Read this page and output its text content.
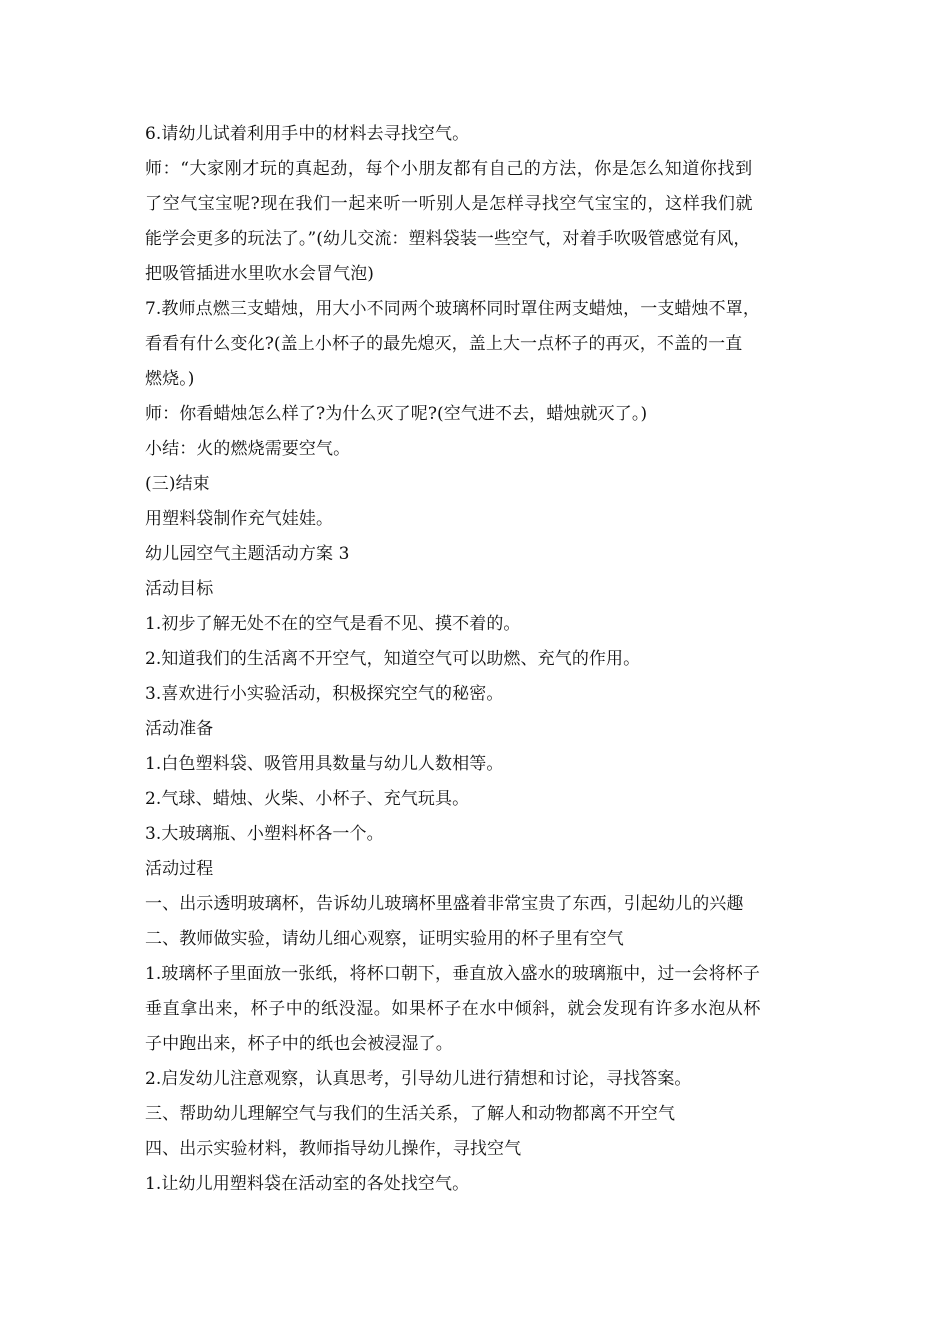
6.请幼儿试着利用手中的材料去寻找空气。
师：“大家刚才玩的真起劲，每个小朋友都有自己的方法，你是怎么知道你找到
了空气宝宝呢?现在我们一起来听一听别人是怎样寻找空气宝宝的，这样我们就
能学会更多的玩法了。”(幼儿交流：塑料袋装一些空气，对着手吹吸管感觉有风，
把吸管插进水里吹水会冒气泡)
7.教师点燃三支蜡烛，用大小不同两个玻璃杯同时罩住两支蜡烛，一支蜡烛不罩，
看看有什么变化?(盖上小杯子的最先熄灭，盖上大一点杯子的再灭，不盖的一直
燃烧。)
师：你看蜡烛怎么样了?为什么灭了呢?(空气进不去，蜡烛就灭了。)
小结：火的燃烧需要空气。
(三)结束
用塑料袋制作充气娃娃。
幼儿园空气主题活动方案 3
活动目标
1.初步了解无处不在的空气是看不见、摸不着的。
2.知道我们的生活离不开空气，知道空气可以助燃、充气的作用。
3.喜欢进行小实验活动，积极探究空气的秘密。
活动准备
1.白色塑料袋、吸管用具数量与幼儿人数相等。
2.气球、蜡烛、火柴、小杯子、充气玩具。
3.大玻璃瓶、小塑料杯各一个。
活动过程
一、出示透明玻璃杯，告诉幼儿玻璃杯里盛着非常宝贵了东西，引起幼儿的兴趣
二、教师做实验，请幼儿细心观察，证明实验用的杯子里有空气
1.玻璃杯子里面放一张纸，将杯口朝下，垂直放入盛水的玻璃瓶中，过一会将杯子
垂直拿出来，杯子中的纸没湿。如果杯子在水中倾斜，就会发现有许多水泡从杯
子中跑出来，杯子中的纸也会被浸湿了。
2.启发幼儿注意观察，认真思考，引导幼儿进行猜想和讨论，寻找答案。
三、帮助幼儿理解空气与我们的生活关系，了解人和动物都离不开空气
四、出示实验材料，教师指导幼儿操作，寻找空气
1.让幼儿用塑料袋在活动室的各处找空气。
